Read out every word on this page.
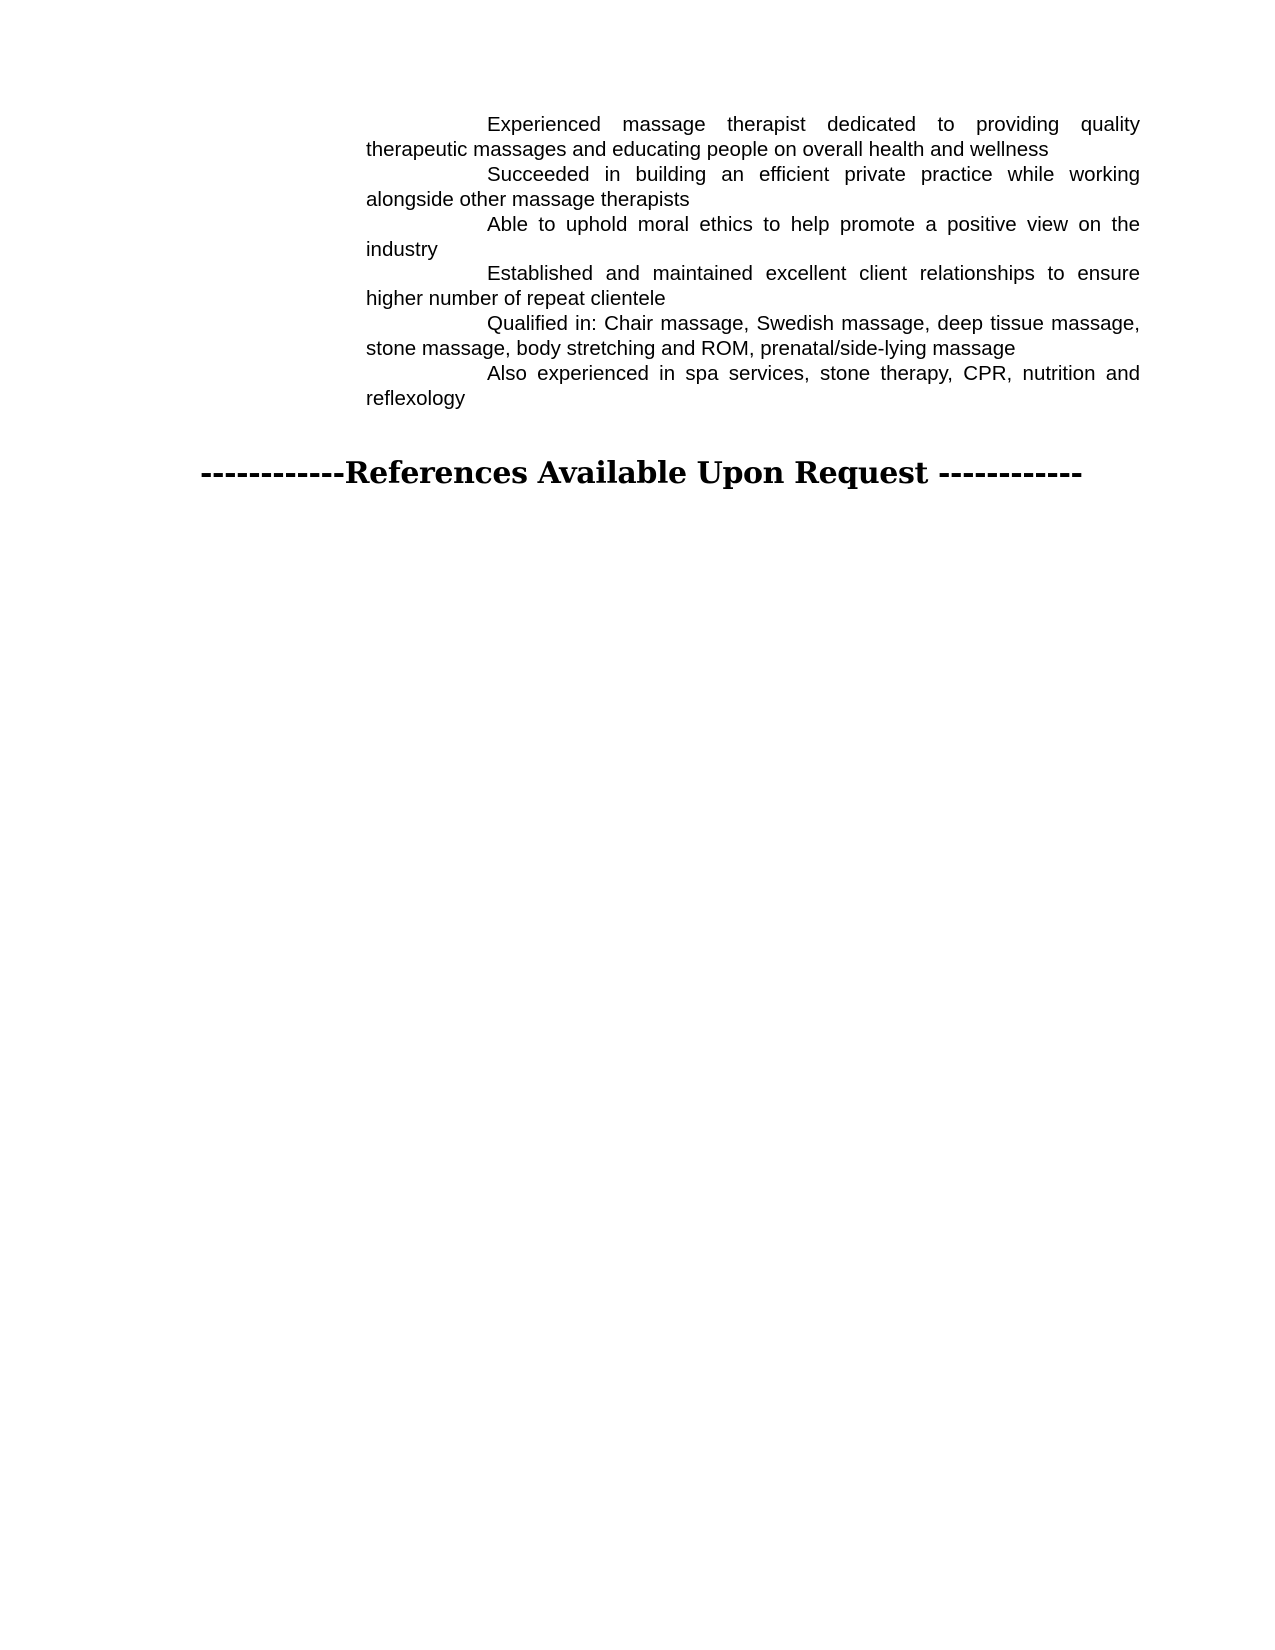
Experienced massage therapist dedicated to providing quality therapeutic massages and educating people on overall health and wellness

Succeeded in building an efficient private practice while working alongside other massage therapists

Able to uphold moral ethics to help promote a positive view on the industry

Established and maintained excellent client relationships to ensure higher number of repeat clientele

Qualified in: Chair massage, Swedish massage, deep tissue massage, stone massage, body stretching and ROM, prenatal/side-lying massage

Also experienced in spa services, stone therapy, CPR, nutrition and reflexology

------------References Available Upon Request ------------
